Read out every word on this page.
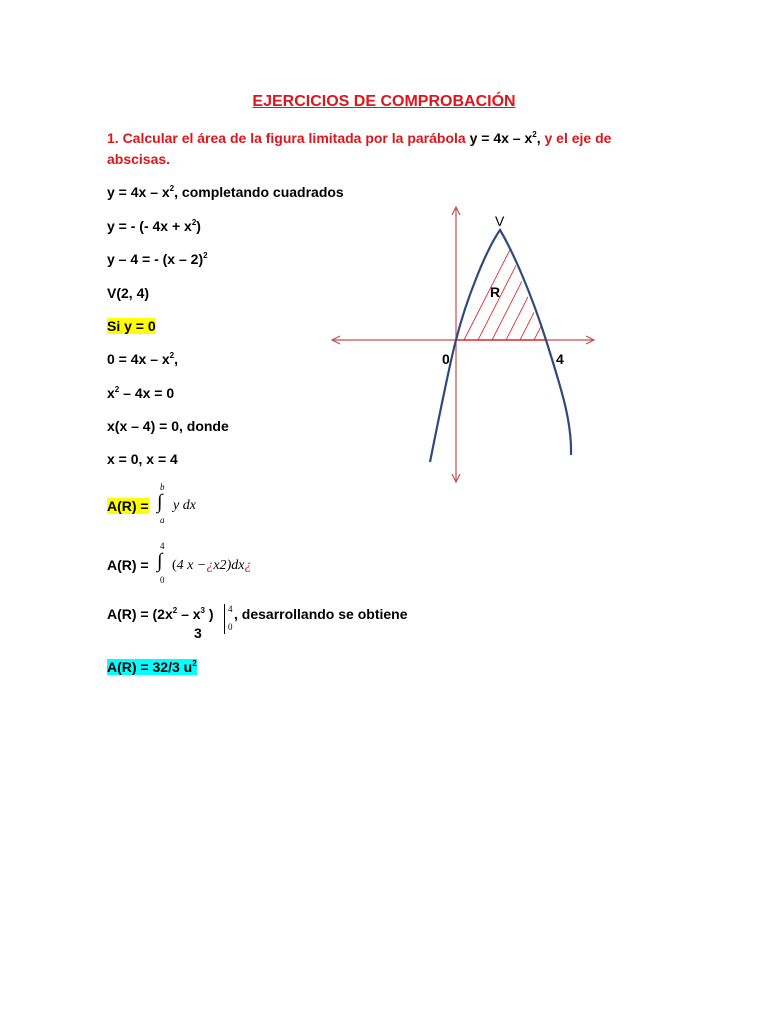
EJERCICIOS DE COMPROBACIÓN
1. Calcular el área de la figura limitada por la parábola $y = 4x - x^2$, y el eje de
abscisas.
$y = 4x - x^2$, completando cuadrados
y = - (- $4x + x^2$)
y – 4 = - (x – 2)$^2$
V(2, 4)
Si y = 0
$0 = 4x - x^2$,
$x^2 - 4x = 0$
x(x – 4) = 0, donde
x = 0, x = 4
A(R) =
b
∫
a
y dx
A(R) =
4
∫
0
(4 x −¿x2)dx¿
$A(R) = (2x^2 - x^3$ ) 4
0
, desarrollando se obtiene
3
A(R) = 32/3 $u^2$
V
R
0	4
